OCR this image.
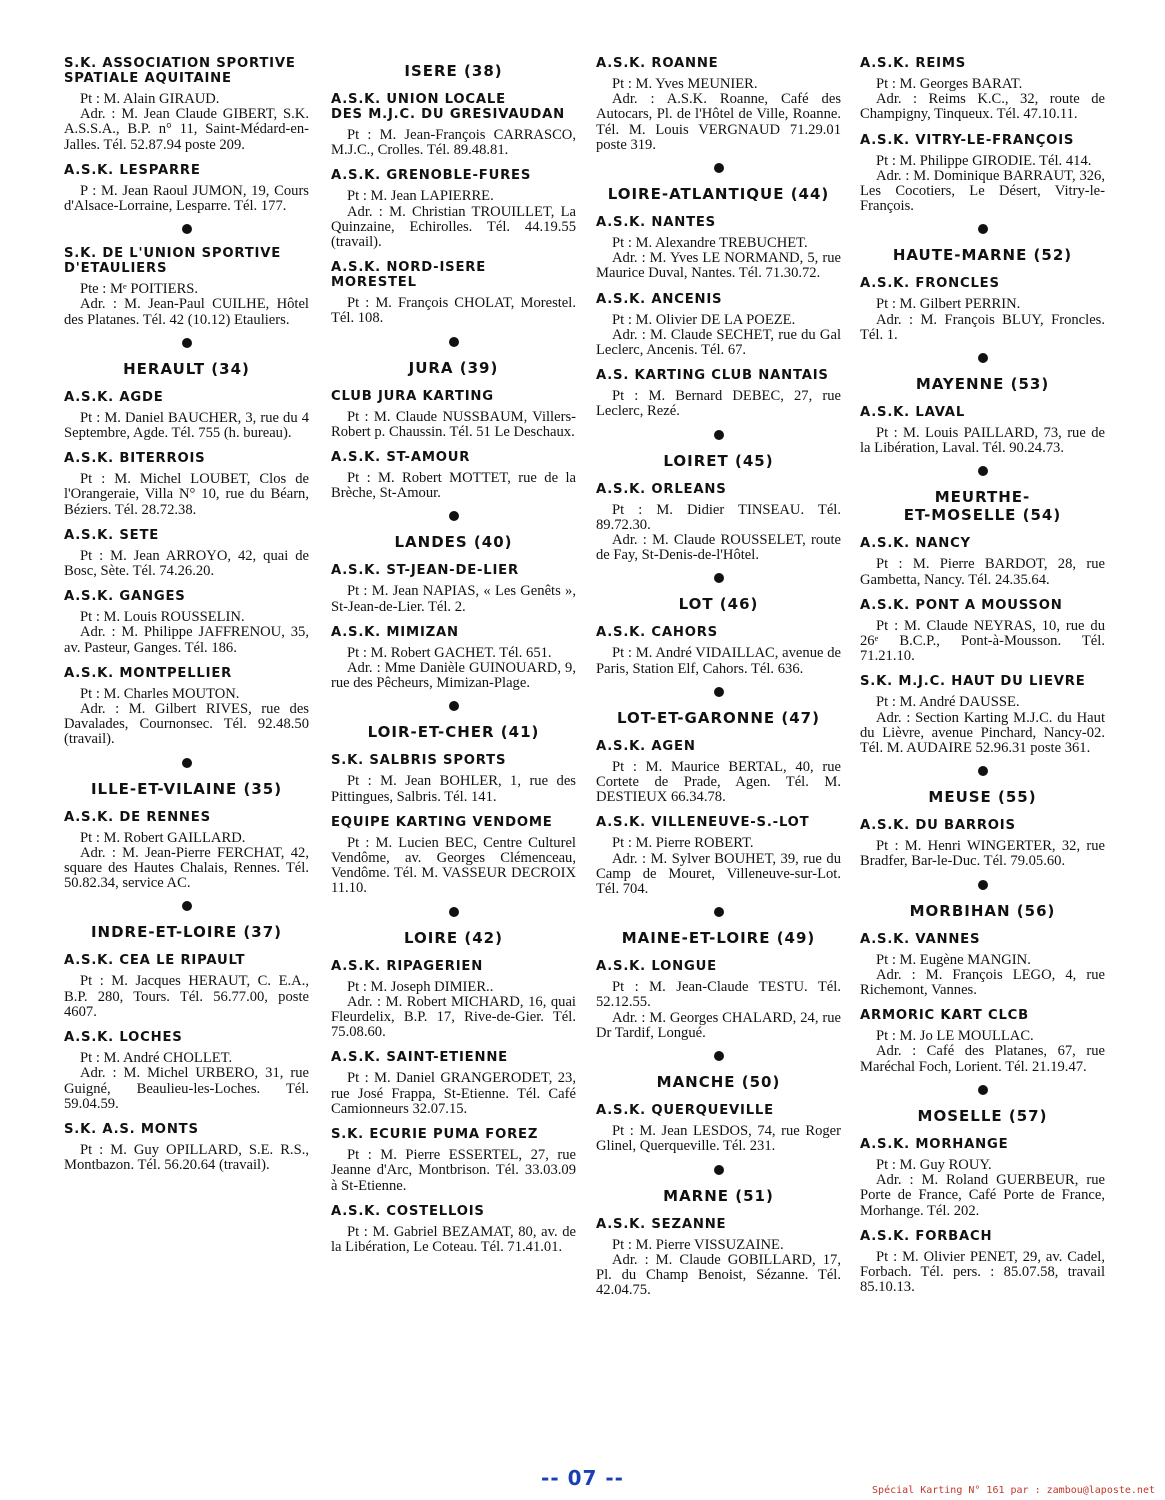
S.K. ASSOCIATION SPORTIVE
SPATIALE AQUITAINE

Pt : M. Alain GIRAUD.

Adr. : M. Jean Claude GIBERT, S.K. A.S.S.A., B.P. n° 11, Saint-Médard-en-Jalles. Tél. 52.87.94 poste 209.

A.S.K. LESPARRE

P : M. Jean Raoul JUMON, 19, Cours d'Alsace-Lorraine, Lesparre. Tél. 177.

S.K. DE L'UNION SPORTIVE
D'ETAULIERS

Pte : Mᵉ POITIERS.

Adr. : M. Jean-Paul CUILHE, Hôtel des Platanes. Tél. 42 (10.12) Etauliers.

HERAULT (34)
A.S.K. AGDE

Pt : M. Daniel BAUCHER, 3, rue du 4 Septembre, Agde. Tél. 755 (h. bureau).

A.S.K. BITERROIS

Pt : M. Michel LOUBET, Clos de l'Orangeraie, Villa N° 10, rue du Béarn, Béziers. Tél. 28.72.38.

A.S.K. SETE

Pt : M. Jean ARROYO, 42, quai de Bosc, Sète. Tél. 74.26.20.

A.S.K. GANGES

Pt : M. Louis ROUSSELIN.

Adr. : M. Philippe JAFFRENOU, 35, av. Pasteur, Ganges. Tél. 186.

A.S.K. MONTPELLIER

Pt : M. Charles MOUTON.

Adr. : M. Gilbert RIVES, rue des Davalades, Cournonsec. Tél. 92.48.50 (travail).

ILLE-ET-VILAINE (35)
A.S.K. DE RENNES

Pt : M. Robert GAILLARD.

Adr. : M. Jean-Pierre FERCHAT, 42, square des Hautes Chalais, Rennes. Tél. 50.82.34, service AC.

INDRE-ET-LOIRE (37)
A.S.K. CEA LE RIPAULT

Pt : M. Jacques HERAUT, C. E.A., B.P. 280, Tours. Tél. 56.77.00, poste 4607.

A.S.K. LOCHES

Pt : M. André CHOLLET.

Adr. : M. Michel URBERO, 31, rue Guigné, Beaulieu-les-Loches. Tél. 59.04.59.

S.K. A.S. MONTS

Pt : M. Guy OPILLARD, S.E. R.S., Montbazon. Tél. 56.20.64 (travail).

ISERE (38)
A.S.K. UNION LOCALE
DES M.J.C. DU GRESIVAUDAN

Pt : M. Jean-François CARRASCO, M.J.C., Crolles. Tél. 89.48.81.

A.S.K. GRENOBLE-FURES

Pt : M. Jean LAPIERRE.

Adr. : M. Christian TROUILLET, La Quinzaine, Echirolles. Tél. 44.19.55 (travail).

A.S.K. NORD-ISERE
MORESTEL

Pt : M. François CHOLAT, Morestel. Tél. 108.

JURA (39)
CLUB JURA KARTING

Pt : M. Claude NUSSBAUM, Villers-Robert p. Chaussin. Tél. 51 Le Deschaux.

A.S.K. ST-AMOUR

Pt : M. Robert MOTTET, rue de la Brèche, St-Amour.

LANDES (40)
A.S.K. ST-JEAN-DE-LIER

Pt : M. Jean NAPIAS, « Les Genêts », St-Jean-de-Lier. Tél. 2.

A.S.K. MIMIZAN

Pt : M. Robert GACHET. Tél. 651.

Adr. : Mme Danièle GUINOUARD, 9, rue des Pêcheurs, Mimizan-Plage.

LOIR-ET-CHER (41)
S.K. SALBRIS SPORTS

Pt : M. Jean BOHLER, 1, rue des Pittingues, Salbris. Tél. 141.

EQUIPE KARTING VENDOME

Pt : M. Lucien BEC, Centre Culturel Vendôme, av. Georges Clémenceau, Vendôme. Tél. M. VASSEUR DECROIX 11.10.

LOIRE (42)
A.S.K. RIPAGERIEN

Pt : M. Joseph DIMIER..

Adr. : M. Robert MICHARD, 16, quai Fleurdelix, B.P. 17, Rive-de-Gier. Tél. 75.08.60.

A.S.K. SAINT-ETIENNE

Pt : M. Daniel GRANGERODET, 23, rue José Frappa, St-Etienne. Tél. Café Camionneurs 32.07.15.

S.K. ECURIE PUMA FOREZ

Pt : M. Pierre ESSERTEL, 27, rue Jeanne d'Arc, Montbrison. Tél. 33.03.09 à St-Etienne.

A.S.K. COSTELLOIS

Pt : M. Gabriel BEZAMAT, 80, av. de la Libération, Le Coteau. Tél. 71.41.01.

A.S.K. ROANNE

Pt : M. Yves MEUNIER.

Adr. : A.S.K. Roanne, Café des Autocars, Pl. de l'Hôtel de Ville, Roanne. Tél. M. Louis VERGNAUD 71.29.01 poste 319.

LOIRE-ATLANTIQUE (44)
A.S.K. NANTES

Pt : M. Alexandre TREBUCHET.

Adr. : M. Yves LE NORMAND, 5, rue Maurice Duval, Nantes. Tél. 71.30.72.

A.S.K. ANCENIS

Pt : M. Olivier DE LA POEZE.

Adr. : M. Claude SECHET, rue du Gal Leclerc, Ancenis. Tél. 67.

A.S. KARTING CLUB NANTAIS

Pt : M. Bernard DEBEC, 27, rue Leclerc, Rezé.

LOIRET (45)
A.S.K. ORLEANS

Pt : M. Didier TINSEAU. Tél. 89.72.30.

Adr. : M. Claude ROUSSELET, route de Fay, St-Denis-de-l'Hôtel.

LOT (46)
A.S.K. CAHORS

Pt : M. André VIDAILLAC, avenue de Paris, Station Elf, Cahors. Tél. 636.

LOT-ET-GARONNE (47)
A.S.K. AGEN

Pt : M. Maurice BERTAL, 40, rue Cortete de Prade, Agen. Tél. M. DESTIEUX 66.34.78.

A.S.K. VILLENEUVE-S.-LOT

Pt : M. Pierre ROBERT.

Adr. : M. Sylver BOUHET, 39, rue du Camp de Mouret, Villeneuve-sur-Lot. Tél. 704.

MAINE-ET-LOIRE (49)
A.S.K. LONGUE

Pt : M. Jean-Claude TESTU. Tél. 52.12.55.

Adr. : M. Georges CHALARD, 24, rue Dr Tardif, Longué.

MANCHE (50)
A.S.K. QUERQUEVILLE

Pt : M. Jean LESDOS, 74, rue Roger Glinel, Querqueville. Tél. 231.

MARNE (51)
A.S.K. SEZANNE

Pt : M. Pierre VISSUZAINE.

Adr. : M. Claude GOBILLARD, 17, Pl. du Champ Benoist, Sézanne. Tél. 42.04.75.

A.S.K. REIMS

Pt : M. Georges BARAT.

Adr. : Reims K.C., 32, route de Champigny, Tinqueux. Tél. 47.10.11.

A.S.K. VITRY-LE-FRANÇOIS

Pt : M. Philippe GIRODIE. Tél. 414.

Adr. : M. Dominique BARRAUT, 326, Les Cocotiers, Le Désert, Vitry-le-François.

HAUTE-MARNE (52)
A.S.K. FRONCLES

Pt : M. Gilbert PERRIN.

Adr. : M. François BLUY, Froncles. Tél. 1.

MAYENNE (53)
A.S.K. LAVAL

Pt : M. Louis PAILLARD, 73, rue de la Libération, Laval. Tél. 90.24.73.

MEURTHE-
ET-MOSELLE (54)
A.S.K. NANCY

Pt : M. Pierre BARDOT, 28, rue Gambetta, Nancy. Tél. 24.35.64.

A.S.K. PONT A MOUSSON

Pt : M. Claude NEYRAS, 10, rue du 26ᵉ B.C.P., Pont-à-Mousson. Tél. 71.21.10.

S.K. M.J.C. HAUT DU LIEVRE

Pt : M. André DAUSSE.

Adr. : Section Karting M.J.C. du Haut du Lièvre, avenue Pinchard, Nancy-02. Tél. M. AUDAIRE 52.96.31 poste 361.

MEUSE (55)
A.S.K. DU BARROIS

Pt : M. Henri WINGERTER, 32, rue Bradfer, Bar-le-Duc. Tél. 79.05.60.

MORBIHAN (56)
A.S.K. VANNES

Pt : M. Eugène MANGIN.

Adr. : M. François LEGO, 4, rue Richemont, Vannes.

ARMORIC KART CLCB

Pt : M. Jo LE MOULLAC.

Adr. : Café des Platanes, 67, rue Maréchal Foch, Lorient. Tél. 21.19.47.

MOSELLE (57)
A.S.K. MORHANGE

Pt : M. Guy ROUY.

Adr. : M. Roland GUERBEUR, rue Porte de France, Café Porte de France, Morhange. Tél. 202.

A.S.K. FORBACH

Pt : M. Olivier PENET, 29, av. Cadel, Forbach. Tél. pers. : 85.07.58, travail 85.10.13.

-- 07 --
Spécial Karting N° 161 par : zambou@laposte.net
